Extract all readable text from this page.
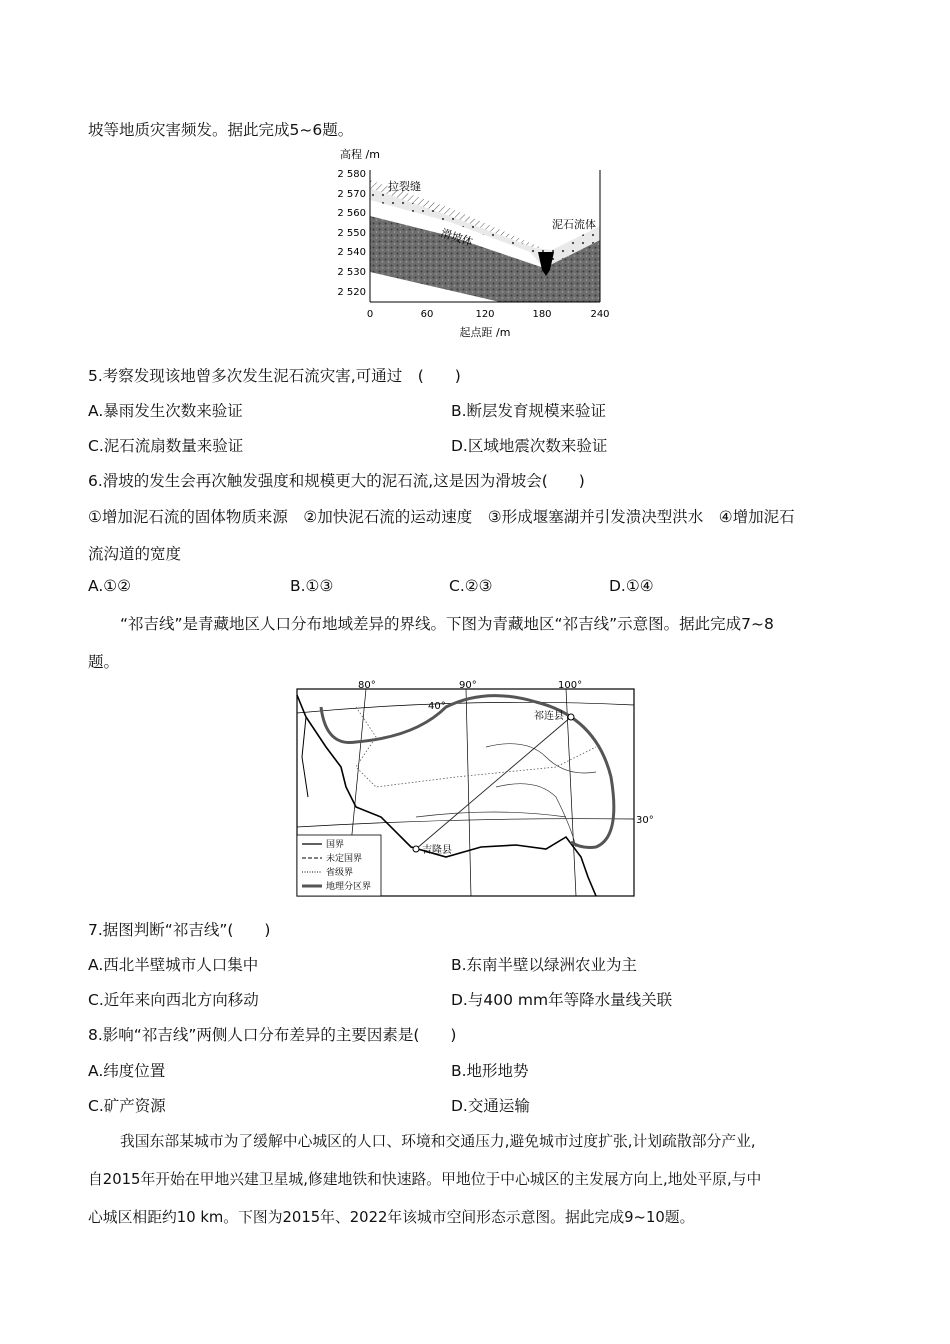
坡等地质灾害频发。据此完成5~6题。
高程 /m
2 580
2 570
2 560
2 550
2 540
2 530
2 520
拉裂缝
滑坡体
泥石流体
0	60	120	180	240
起点距 /m
5.考察发现该地曾多次发生泥石流灾害,可通过　(　　)
A.暴雨发生次数来验证	B.断层发育规模来验证
C.泥石流扇数量来验证	D.区域地震次数来验证
6.滑坡的发生会再次触发强度和规模更大的泥石流,这是因为滑坡会(　　)
①增加泥石流的固体物质来源　②加快泥石流的运动速度　③形成堰塞湖并引发溃决型洪水　④增加泥石
流沟道的宽度
A.①②	B.①③	C.②③	D.①④
“祁吉线”是青藏地区人口分布地域差异的界线。下图为青藏地区“祁吉线”示意图。据此完成7~8
题。
祁连县
吉隆县
80°	90°	100°
40°
30°
国界
未定国界
省级界
地理分区界
7.据图判断“祁吉线”(　　)
A.西北半壁城市人口集中	B.东南半壁以绿洲农业为主
C.近年来向西北方向移动	D.与400 mm年等降水量线关联
8.影响“祁吉线”两侧人口分布差异的主要因素是(　　)
A.纬度位置	B.地形地势
C.矿产资源	D.交通运输
我国东部某城市为了缓解中心城区的人口、环境和交通压力,避免城市过度扩张,计划疏散部分产业,
自2015年开始在甲地兴建卫星城,修建地铁和快速路。甲地位于中心城区的主发展方向上,地处平原,与中
心城区相距约10 km。下图为2015年、2022年该城市空间形态示意图。据此完成9~10题。
